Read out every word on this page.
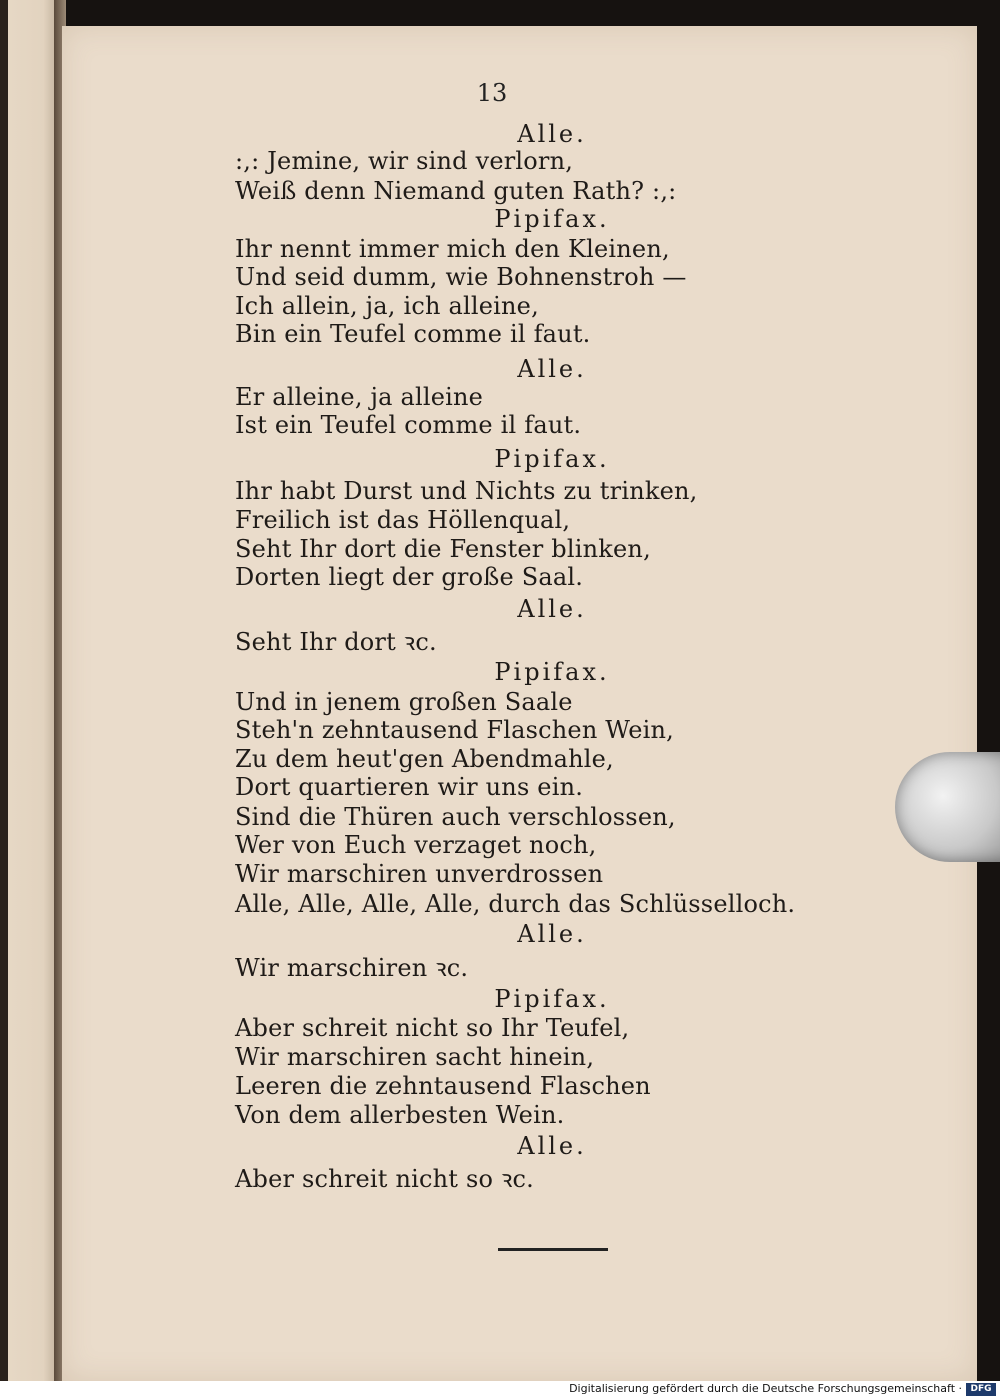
13
Alle.
:,: Jemine, wir sind verlorn,
Weiß denn Niemand guten Rath? :,:
Pipifax.
Ihr nennt immer mich den Kleinen,
Und seid dumm, wie Bohnenstroh —
Ich allein, ja, ich alleine,
Bin ein Teufel comme il faut.
Alle.
Er alleine, ja alleine
Ist ein Teufel comme il faut.
Pipifax.
Ihr habt Durst und Nichts zu trinken,
Freilich ist das Höllenqual,
Seht Ihr dort die Fenster blinken,
Dorten liegt der große Saal.
Alle.
Seht Ihr dort ꝛc.
Pipifax.
Und in jenem großen Saale
Steh'n zehntausend Flaschen Wein,
Zu dem heut'gen Abendmahle,
Dort quartieren wir uns ein.
Sind die Thüren auch verschlossen,
Wer von Euch verzaget noch,
Wir marschiren unverdrossen
Alle, Alle, Alle, Alle, durch das Schlüsselloch.
Alle.
Wir marschiren ꝛc.
Pipifax.
Aber schreit nicht so Ihr Teufel,
Wir marschiren sacht hinein,
Leeren die zehntausend Flaschen
Von dem allerbesten Wein.
Alle.
Aber schreit nicht so ꝛc.
Digitalisierung gefördert durch die Deutsche Forschungsgemeinschaft · DFG
